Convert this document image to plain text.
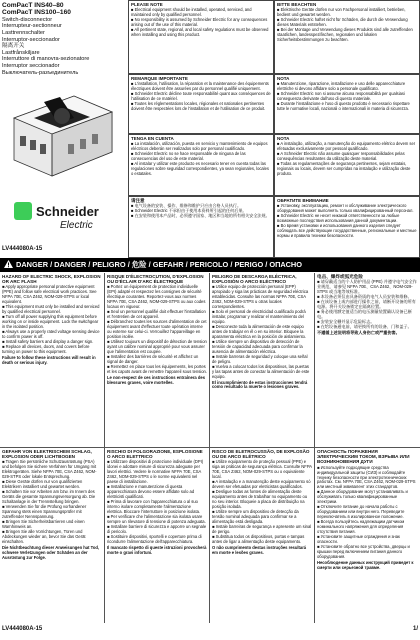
ComPacT INS40–80
ComPacT INS100–160
Switch-disconnector
Interrupteur-sectionneur
Lasttrennschalter
Interruptor-seccionador
隔离开关
Lastfrånskiljare
Interruttore di manovra-sezionatore
Interruptor seccionador
Выключатель-разъединитель
Schneider
Electric
LV444080A-15
PLEASE NOTE

■ Electrical equipment should be installed, operated, serviced, and maintained only by qualified personnel.
■ No responsibility is assumed by Schneider Electric for any consequences arising out of the use of this material.
■ All pertinent state, regional, and local safety regulations must be observed when installing and using this product.

BITTE BEACHTEN

■ Elektrische Geräte dürfen nur von Fachpersonal installiert, betrieben, bedient und gewartet werden.
■ Schneider Electric haftet nicht für Schäden, die durch die Verwendung dieses Materials entstehen.
■ Bei der Montage und Verwendung dieses Produkts sind alle zutreffenden staatlichen, landesspezifischen, regionalen und lokalen Sicherheitsbestimmungen zu beachten.

REMARQUE IMPORTANTE

■ L'installation, l'utilisation, la réparation et la maintenance des équipements électriques doivent être assurées par du personnel qualifié uniquement.
■ Schneider Electric décline toute responsabilité quant aux conséquences de l'utilisation de ce matériel.
■ Toutes les réglementations locales, régionales et nationales pertinentes doivent être respectées lors de l'installation et de l'utilisation de ce produit.

NOTA

■ Manutenzione, riparazione, installazione e uso delle apparecchiature elettriche si devono affidare solo a personale qualificato.
■ Schneider Electric non si assume alcuna responsabilità per qualsiasi conseguenza derivante dall'uso di questo materiale.
■ Durante l'installazione e l'uso di questo prodotto è necessario rispettare tutte le normative locali, nazionali o internazionali in materia di sicurezza.

TENGA EN CUENTA

■ La instalación, utilización, puesta en servicio y mantenimiento de equipos eléctricos deberán ser realizados solo por personal cualificado.
■ Schneider Electric no se hace responsable de ninguna de las consecuencias del uso de este material.
■ Al instalar y utilizar este producto es necesario tener en cuenta todas las regulaciones sobre seguridad correspondientes, ya sean regionales, locales o estatales.

NOTA

■ A instalação, utilização, a manutenção do equipamento elétrico devem ser efetuadas exclusivamente por pessoal qualificado.
■ A Schneider Electric não assume quaisquer responsabilidades pelas consequências resultantes da utilização deste material.
■ Todas as regulamentações de segurança pertinentes, sejam estatais, regionais ou locais, devem ser cumpridas na instalação e utilização deste produto.

请注意

■ 电气设备的安装、操作、维修和维护只应由合格人员执行。
■ Schneider Electric 不承担由于使用本资料所引起的任何后果。
■ 在安装和使用本产品时，必须遵守国家、地区和当地的所有相关安全法规。

ОБРАТИТЕ ВНИМАНИЕ

■ Установку, эксплуатацию, ремонт и обслуживание электрического оборудования может выполнять только квалифицированный персонал.
■ Schneider Electric не несет никакой ответственности за любые возможные последствия использования данной документации.
■ Во время установки и использования данного изделия следует соблюдать все действующие государственные, региональные и местные нормы и правила техники безопасности.

DANGER / DANGER / PELIGRO / 危险 / GEFAHR / PERICOLO / PERIGO / ОПАСНО
HAZARD OF ELECTRIC SHOCK, EXPLOSION OR ARC FLASH

■ Apply appropriate personal protective equipment (PPE) and follow safe electrical work practices. See NFPA 70E, CSA Z462, NOM-029-STPS or local equivalent.
■ This equipment must only be installed and serviced by qualified electrical personnel.
■ Turn off all power supplying this equipment before working on or inside equipment. Lock the switchgear in the isolated position.
■ Always use a properly rated voltage sensing device to confirm power is off.
■ Install safety barriers and display a danger sign.
■ Replace all devices, doors, and covers before turning on power to this equipment.

Failure to follow these instructions will result in death or serious injury.

RISQUE D'ÉLECTROCUTION, D'EXPLOSION OU D'ÉCLAIR D'ARC ÉLECTRIQUE

■ Portez un équipement de protection individuelle (EPI) adapté et respectez les consignes de sécurité électrique courantes. Reportez-vous aux normes NFPA 70E, CSA Z462, NOM-029-STPS ou aux codes locaux en vigueur.
■ Seul un personnel qualifié doit effectuer l'installation et l'entretien de cet appareil.
■ Débranchez toutes les sources d'alimentation de cet équipement avant d'effectuer toute opération interne ou externe sur celui-ci. Verrouillez l'appareillage en position isolée.
■ Utilisez toujours un dispositif de détection de tension ayant un calibre nominal approprié pour vous assurer que l'alimentation est coupée.
■ Installez des barrières de sécurité et affichez un signal de danger.
■ Remettez en place tous les équipements, les portes et les capots avant de remettre l'appareil sous tension.

Le non-respect de ces instructions entraînera des blessures graves, voire mortelles.

PELIGRO DE DESCARGA ELÉCTRICA, EXPLOSIÓN O ARCO ELÉCTRICO

■ Utilice equipo de protección personal (EPP) apropiado y siga las prácticas de seguridad eléctrica establecidas. Consulte las normas NFPA 70E, CSA Z462, NOM-029-STPS u otras locales correspondientes.
■ Solo el personal de electricidad cualificado podrá instalar, programar y realizar el mantenimiento del equipo.
■ Desconecte toda la alimentación de este equipo antes de trabajar en él o en su interior. Bloquee la aparamenta eléctrica en la posición de aislamiento.
■ Utilice siempre un dispositivo de detección de tensión de capacidad adecuada para confirmar la ausencia de alimentación eléctrica.
■ Instale barreras de seguridad y coloque una señal de peligro.
■ Vuelva a colocar todos los dispositivos, las puertas y las tapas antes de conectar la alimentación de este equipo.

El incumplimiento de estas instrucciones tendrá como resultado la muerte o lesiones graves.

电击、爆炸或弧光危险

■ 请穿戴适当的个人防护用品 (PPE) 并遵守电气安全作业规范，请参见 NFPA 70E、CSA Z462、NOM-029-STPS 或当地等效标准。
■ 本设备必须仅由具备资质的电气人员安装和维修。
■ 在该设备上或内部进行操作之前，请断开设备的所有电源。将开关设备锁定在隔离位置。
■ 务必使用额定值适当的电压测量装置确认设备已断电。
■ 安装安全栅并显示危险标志。
■ 在给设备通电前，请更换所有的设备、门和盖子。

不遵循上述说明将导致人身伤亡或严重伤害。

GEFAHR VON ELEKTRISCHEM SCHLAG, EXPLOSION ODER LICHTBOGEN

■ Tragen Sie persönliche Schutzausrüstung (PSA) und befolgen Sie sichere Verfahren für Umgang mit Elektrogeräten. Siehe NFPA 70E, CSA Z462, NOM-029-STPS oder lokale Entsprechung.
■ Diese Geräte dürfen nur von qualifizierten Elektrikern installiert und gewartet werden.
■ Schalten Sie vor Arbeiten am bzw. im Innern des Geräts die gesamte Spannungsversorgung ab. Die Schaltanlage in der Trennstellung bringen.
■ Verwenden Sie für die Prüfung vorhandener Spannung stets einen Spannungsprüfer mit zutreffender Nennspannung.
■ Bringen Sie Sicherheitsbarrieren und einen Warnhinweis an.
■ Bringen Sie alle Vorrichtungen, Türen und Abdeckungen wieder an, bevor Sie das Gerät einschalten.

Die Nichtbeachtung dieser Anweisungen hat Tod, schwere Verletzungen oder Schäden an der Ausrüstung zur Folge.

RISCHIO DI FOLGORAZIONE, ESPLOSIONE O ARCO ELETTRICO

■ Utilizzare dispositivi di protezione individuale (DPI) idonei e adottare misure di sicurezza adeguate per lavori elettrici. Vedere le normative NFPA 70E, CSA Z462, NOM-029-STPS o le norme equivalenti nel paese di installazione.
■ Installazione e manutenzione di questa apparecchiatura devono essere affidate solo ad elettricisti qualificati.
■ Prima di lavorare con l'apparecchiatura o al suo interno isolare completamente l'alimentazione elettrica. Bloccare l'interruttore in posizione isolata.
■ Per verificare che l'alimentazione sia isolata usare sempre un rilevatore di tensione di potenza adeguata.
■ Installare barriere di sicurezza e apporre un segnale di pericolo.
■ Sostituire dispositivi, sportelli e coperture prima di ricondurre l'alimentazione dell'apparecchiatura.

Il mancato rispetto di queste istruzioni provocherà morte o gravi infortuni.

RISCO DE ELETROCUSSÃO, DE EXPLOSÃO OU DE ARCO ELÉTRICO

■ Utilize equipamento de proteção pessoal (PPE) e siga as práticas de segurança elétrica. Consulte NFPA 70E, CSA Z462, NOM-029-STPS ou o equivalente local.
■ A instalação e a manutenção deste equipamento só devem ser efetuadas por eletricistas qualificados.
■ Desligue todas as fontes de alimentação deste equipamento antes de trabalhar no equipamento ou no seu interior. Bloqueie a placa de distribuição na posição isolada.
■ Utilize sempre um dispositivo de detecção da tensão nominal adequada para confirmar se a alimentação está desligada.
■ Instale barreiras de segurança e apresente um sinal de perigo.
■ Substitua todos os dispositivos, portas e tampas antes de ligar a alimentação deste equipamento.

O não cumprimento destas instruções resultará em morte e lesões graves.

ОПАСНОСТЬ ПОРАЖЕНИЯ ЭЛЕКТРИЧЕСКИМ ТОКОМ, ВЗРЫВА ИЛИ ВОЗНИКНОВЕНИЯ ДУГИ

■ Используйте подходящие средства индивидуальной защиты (СИЗ) и соблюдайте технику безопасности при электротехнических работах. См. NFPA 70E, CSA Z462, NOM-029-STPS или местный эквивалент этих стандартов.
■ Данное оборудование могут устанавливать и обслуживать только квалифицированные электрики.
■ Отключите питание до начала работы с оборудованием или внутри него. Переведите переключатель в изолированное положение.
■ Всегда пользуйтесь надлежащим датчиком номинального напряжения для определения отсутствия питания.
■ Установите защитные ограждения и знак опасности.
■ Установите обратно все устройства, дверцы и крышки перед включением питания данного оборудования.

Несоблюдение данных инструкций приведет к смерти или серьезной травме.

LV444080A-15	1/
